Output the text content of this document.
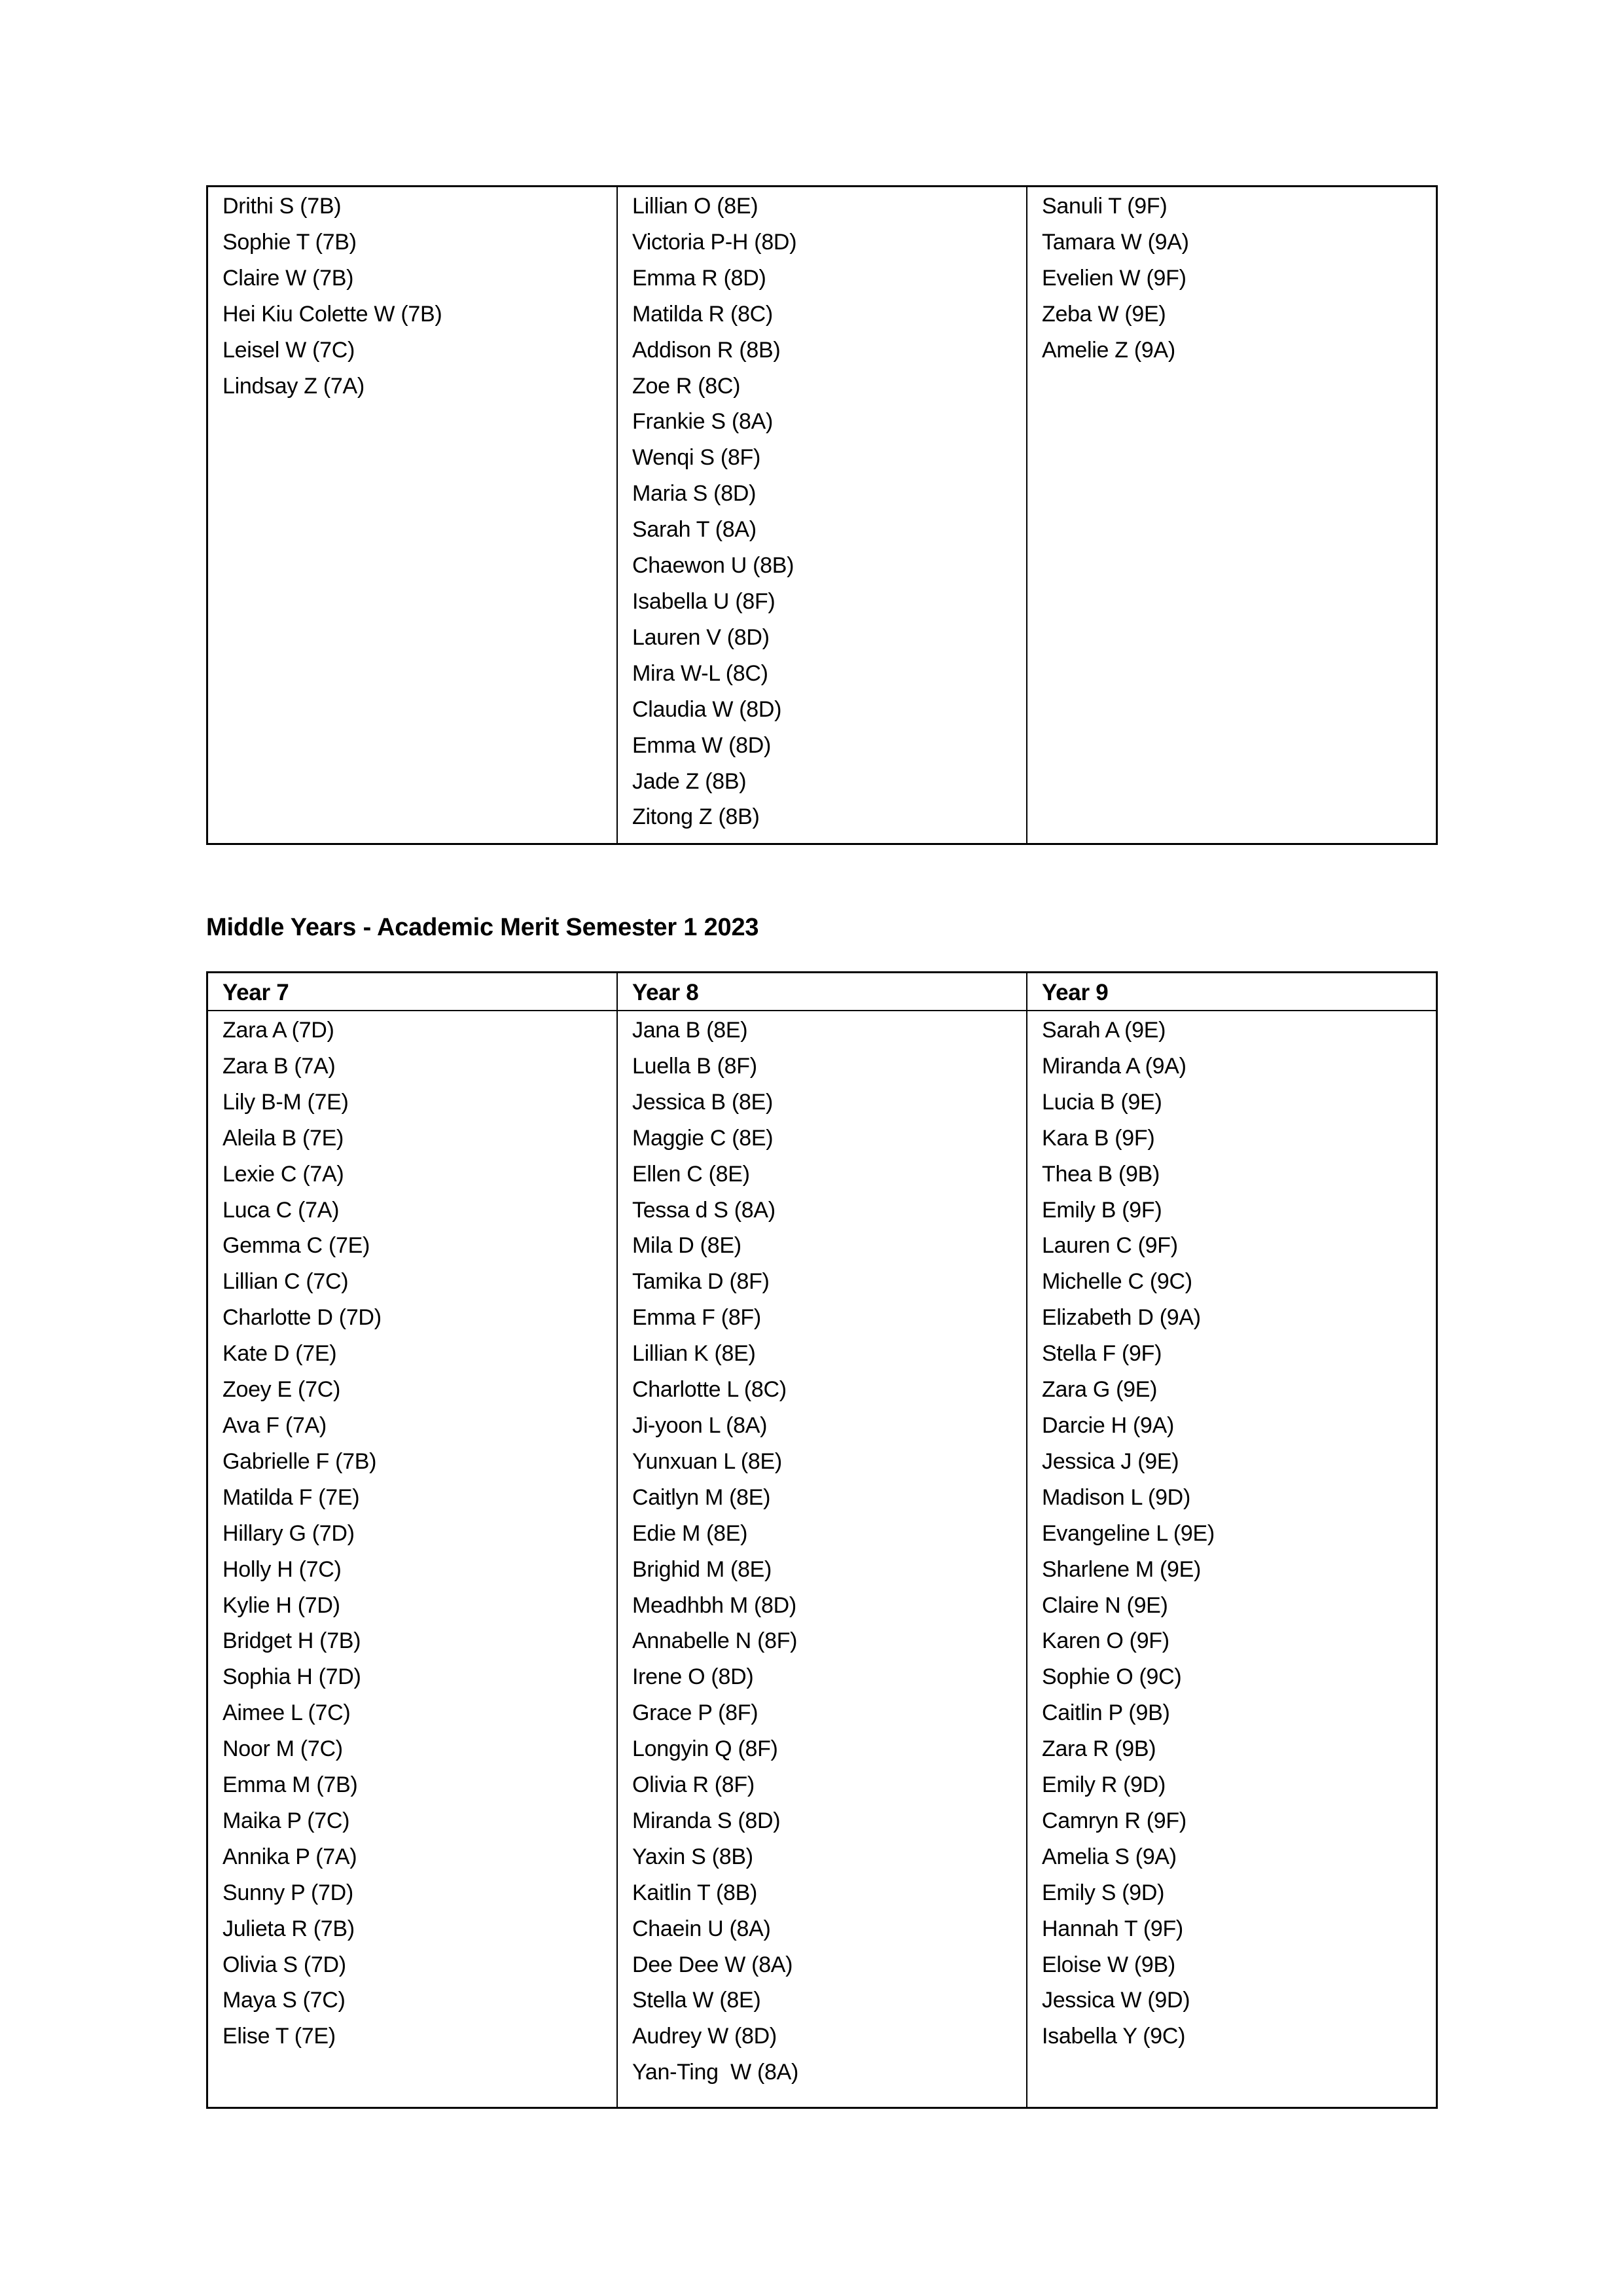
Drithi S (7B)
Sophie T (7B)
Claire W (7B)
Hei Kiu Colette W (7B)
Leisel W (7C)
Lindsay Z (7A)
Lillian O (8E)
Victoria P-H (8D)
Emma R (8D)
Matilda R (8C)
Addison R (8B)
Zoe R (8C)
Frankie S (8A)
Wenqi S (8F)
Maria S (8D)
Sarah T (8A)
Chaewon U (8B)
Isabella U (8F)
Lauren V (8D)
Mira W-L (8C)
Claudia W (8D)
Emma W (8D)
Jade Z (8B)
Zitong Z (8B)
Sanuli T (9F)
Tamara W (9A)
Evelien W (9F)
Zeba W (9E)
Amelie Z (9A)
Middle Years - Academic Merit Semester 1 2023
Year 7
Zara A (7D)
Zara B (7A)
Lily B-M (7E)
Aleila B (7E)
Lexie C (7A)
Luca C (7A)
Gemma C (7E)
Lillian C (7C)
Charlotte D (7D)
Kate D (7E)
Zoey E (7C)
Ava F (7A)
Gabrielle F (7B)
Matilda F (7E)
Hillary G (7D)
Holly H (7C)
Kylie H (7D)
Bridget H (7B)
Sophia H (7D)
Aimee L (7C)
Noor M (7C)
Emma M (7B)
Maika P (7C)
Annika P (7A)
Sunny P (7D)
Julieta R (7B)
Olivia S (7D)
Maya S (7C)
Elise T (7E)
Year 8
Jana B (8E)
Luella B (8F)
Jessica B (8E)
Maggie C (8E)
Ellen C (8E)
Tessa d S (8A)
Mila D (8E)
Tamika D (8F)
Emma F (8F)
Lillian K (8E)
Charlotte L (8C)
Ji-yoon L (8A)
Yunxuan L (8E)
Caitlyn M (8E)
Edie M (8E)
Brighid M (8E)
Meadhbh M (8D)
Annabelle N (8F)
Irene O (8D)
Grace P (8F)
Longyin Q (8F)
Olivia R (8F)
Miranda S (8D)
Yaxin S (8B)
Kaitlin T (8B)
Chaein U (8A)
Dee Dee W (8A)
Stella W (8E)
Audrey W (8D)
Yan-Ting  W (8A)
Year 9
Sarah A (9E)
Miranda A (9A)
Lucia B (9E)
Kara B (9F)
Thea B (9B)
Emily B (9F)
Lauren C (9F)
Michelle C (9C)
Elizabeth D (9A)
Stella F (9F)
Zara G (9E)
Darcie H (9A)
Jessica J (9E)
Madison L (9D)
Evangeline L (9E)
Sharlene M (9E)
Claire N (9E)
Karen O (9F)
Sophie O (9C)
Caitlin P (9B)
Zara R (9B)
Emily R (9D)
Camryn R (9F)
Amelia S (9A)
Emily S (9D)
Hannah T (9F)
Eloise W (9B)
Jessica W (9D)
Isabella Y (9C)
